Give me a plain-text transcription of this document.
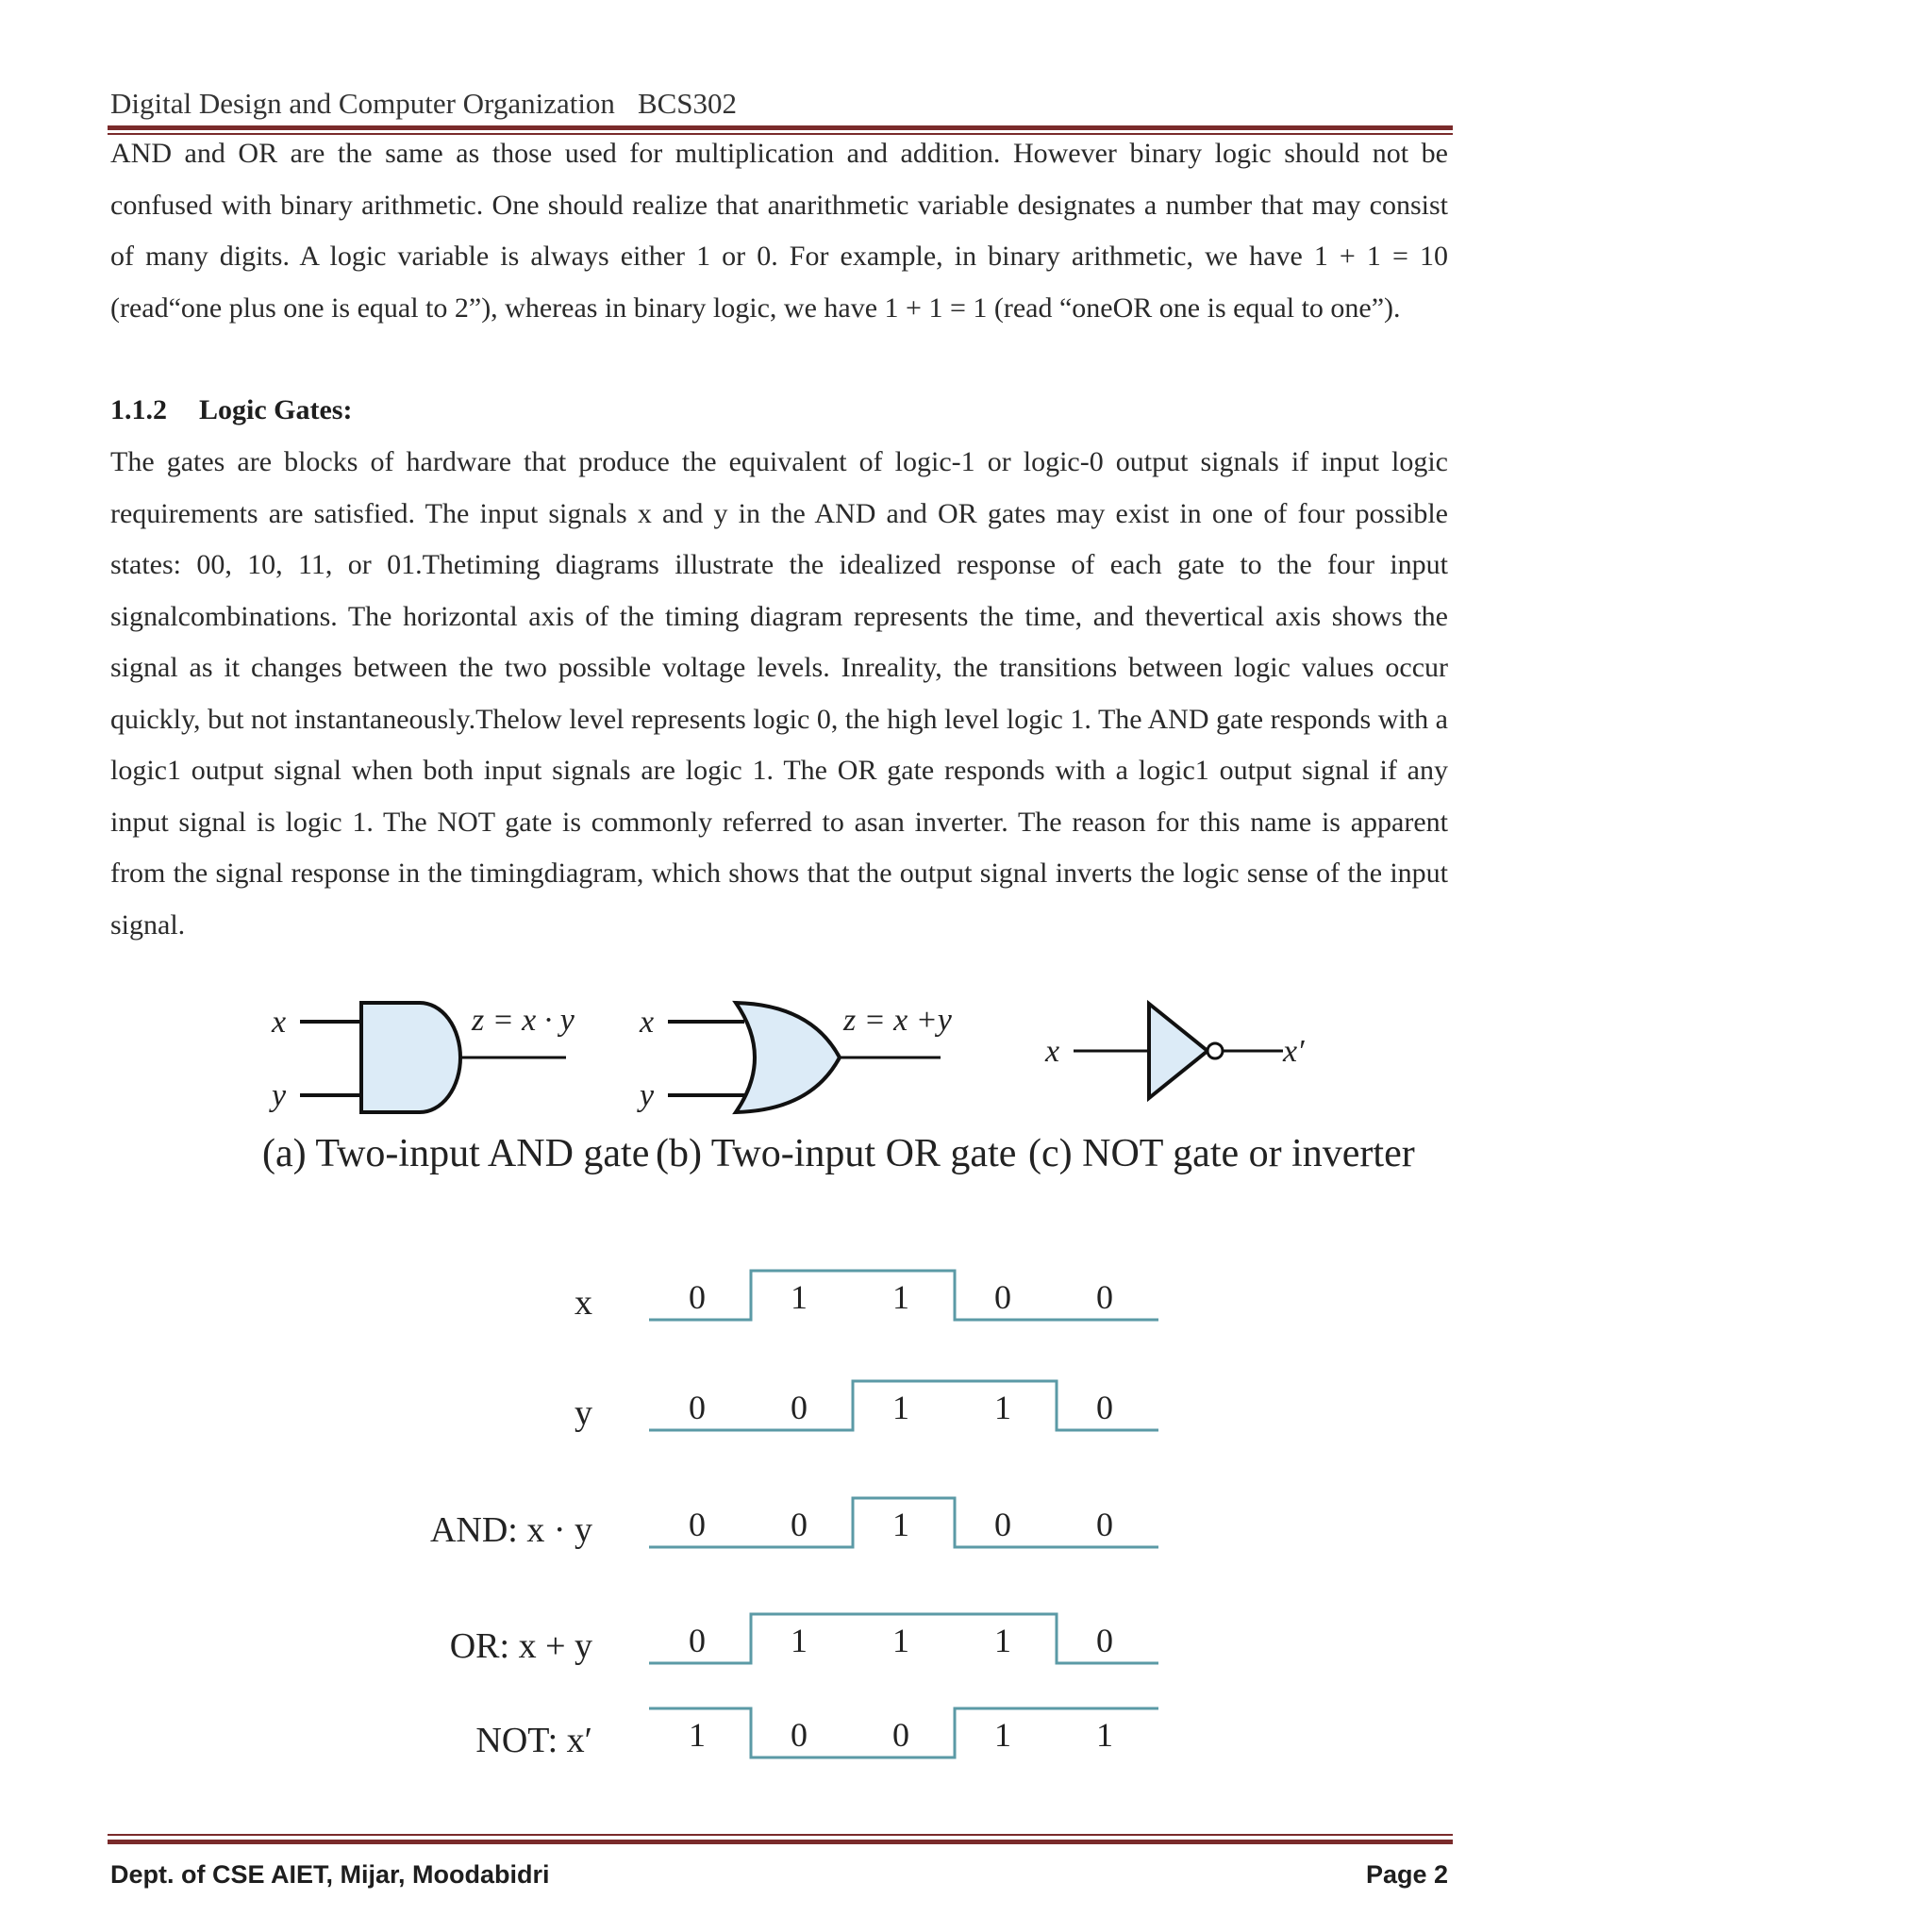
Digital Design and Computer Organization BCS302

AND and OR are the same as those used for multiplication and addition. However binary logic should not be confused with binary arithmetic. One should realize that anarithmetic variable designates a number that may consist of many digits. A logic variable is always either 1 or 0. For example, in binary arithmetic, we have 1 + 1 = 10 (read“one plus one is equal to 2”), whereas in binary logic, we have 1 + 1 = 1 (read “oneOR one is equal to one”).

1.1.2 Logic Gates:

The gates are blocks of hardware that produce the equivalent of logic-1 or logic-0 output signals if input logic requirements are satisfied. The input signals x and y in the AND and OR gates may exist in one of four possible states: 00, 10, 11, or 01.Thetiming diagrams illustrate the idealized response of each gate to the four input signalcombinations. The horizontal axis of the timing diagram represents the time, and thevertical axis shows the signal as it changes between the two possible voltage levels. Inreality, the transitions between logic values occur quickly, but not instantaneously.Thelow level represents logic 0, the high level logic 1. The AND gate responds with a logic1 output signal when both input signals are logic 1. The OR gate responds with a logic1 output signal if any input signal is logic 1. The NOT gate is commonly referred to asan inverter. The reason for this name is apparent from the signal response in the timingdiagram, which shows that the output signal inverts the logic sense of the input signal.

x
y
z = x · y x
y
z = x +y
x	x′
(a) Two-input AND gate (b) Two-input OR gate (c) NOT gate or inverter
x	0	1	1	0	0
y	0	0	1	1	0
AND: x · y	0	0	1	0	0
OR: x + y	0	1	1	1	0
NOT: x′	1	0	0	1	1
Dept. of CSE AIET, Mijar, Moodabidri	Page 2
